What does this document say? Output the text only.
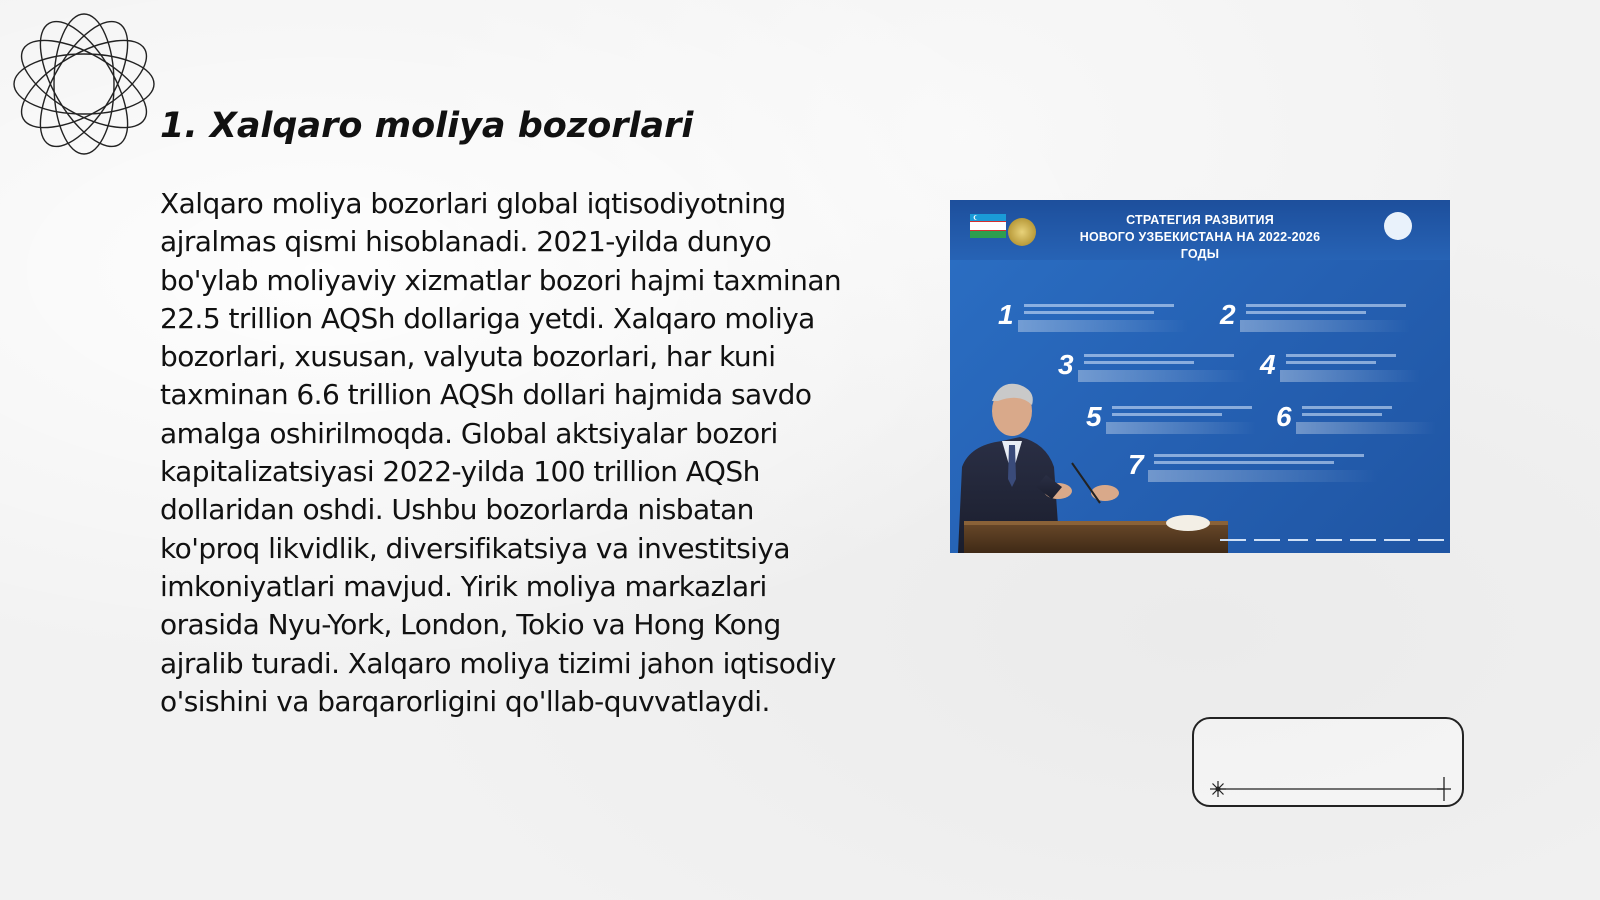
1. Xalqaro moliya bozorlari

Xalqaro moliya bozorlari global iqtisodiyotning ajralmas qismi hisoblanadi. 2021-yilda dunyo bo'ylab moliyaviy xizmatlar bozori hajmi taxminan 22.5 trillion AQSh dollariga yetdi. Xalqaro moliya bozorlari, xususan, valyuta bozorlari, har kuni taxminan 6.6 trillion AQSh dollari hajmida savdo amalga oshirilmoqda. Global aktsiyalar bozori kapitalizatsiyasi 2022-yilda 100 trillion AQSh dollaridan oshdi. Ushbu bozorlarda nisbatan ko'proq likvidlik, diversifikatsiya va investitsiya imkoniyatlari mavjud. Yirik moliya markazlari orasida Nyu-York, London, Tokio va Hong Kong ajralib turadi. Xalqaro moliya tizimi jahon iqtisodiy o'sishini va barqarorligini qo'llab-quvvatlaydi.

СТРАТЕГИЯ РАЗВИТИЯ
НОВОГО УЗБЕКИСТАНА НА 2022-2026 ГОДЫ
1	2
3	4
5	6
7
